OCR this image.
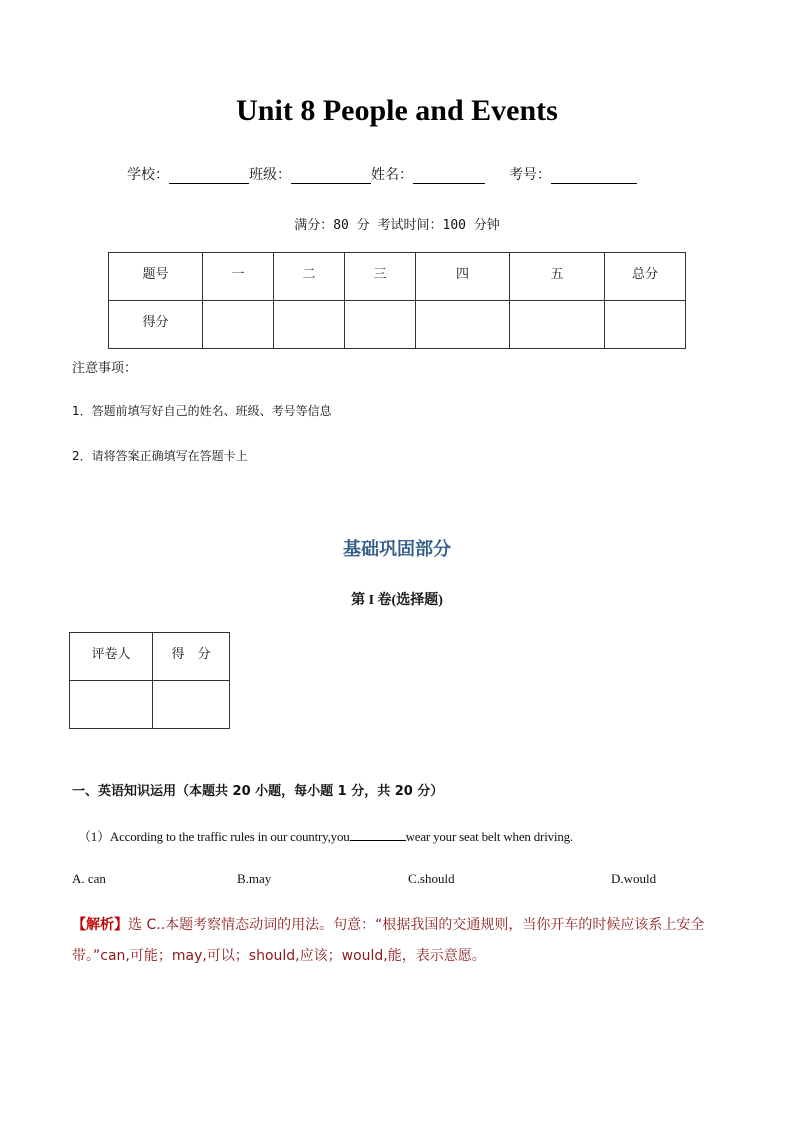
Unit 8 People and Events
学校：	班级：	姓名：	考号：
满分：80 分 考试时间：100 分钟
题号	一	二	三	四	五	总分
得分						
注意事项：
1．答题前填写好自己的姓名、班级、考号等信息
2．请将答案正确填写在答题卡上
基础巩固部分
第 I 卷(选择题)
评卷人	得　分

一、英语知识运用（本题共 20 小题，每小题 1 分，共 20 分）
（1）According to the traffic rules in our country,you	wear your seat belt when driving.
A. can	B.may	C.should	D.would
【解析】选 C..本题考察情态动词的用法。句意：“根据我国的交通规则，当你开车的时候应该系上安全带。”can,可能；may,可以；should,应该；would,能，表示意愿。
